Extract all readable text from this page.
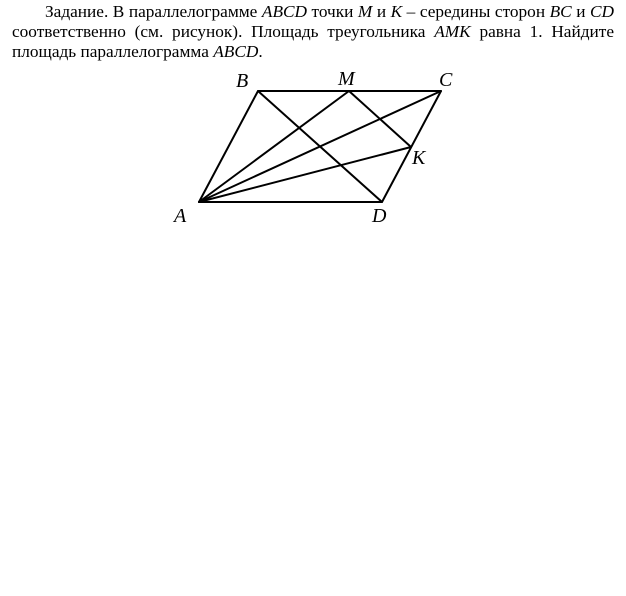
Задание. В параллелограмме ABCD точки M и K – середины сторон BC и CD соответственно (см. рисунок). Площадь треугольника AMK равна 1. Найдите площадь параллелограмма ABCD.
A
B	M	C
K
D
